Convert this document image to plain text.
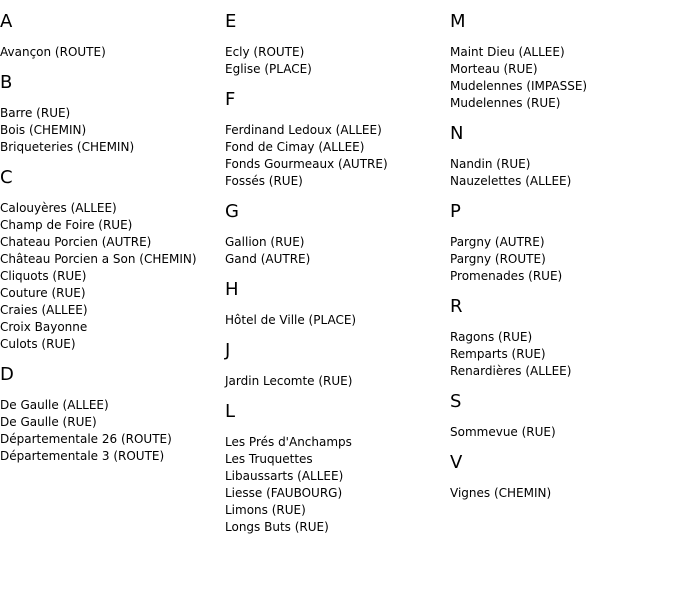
A
Avançon (ROUTE)
B
Barre (RUE)
Bois (CHEMIN)
Briqueteries (CHEMIN)
C
Calouyères (ALLEE)
Champ de Foire (RUE)
Chateau Porcien (AUTRE)
Château Porcien a Son (CHEMIN)
Cliquots (RUE)
Couture (RUE)
Craies (ALLEE)
Croix Bayonne
Culots (RUE)
D
De Gaulle (ALLEE)
De Gaulle (RUE)
Départementale 26 (ROUTE)
Départementale 3 (ROUTE)
E
Ecly (ROUTE)
Eglise (PLACE)
F
Ferdinand Ledoux (ALLEE)
Fond de Cimay (ALLEE)
Fonds Gourmeaux (AUTRE)
Fossés (RUE)
G
Gallion (RUE)
Gand (AUTRE)
H
Hôtel de Ville (PLACE)
J
Jardin Lecomte (RUE)
L
Les Prés d'Anchamps
Les Truquettes
Libaussarts (ALLEE)
Liesse (FAUBOURG)
Limons (RUE)
Longs Buts (RUE)
M
Maint Dieu (ALLEE)
Morteau (RUE)
Mudelennes (IMPASSE)
Mudelennes (RUE)
N
Nandin (RUE)
Nauzelettes (ALLEE)
P
Pargny (AUTRE)
Pargny (ROUTE)
Promenades (RUE)
R
Ragons (RUE)
Remparts (RUE)
Renardières (ALLEE)
S
Sommevue (RUE)
V
Vignes (CHEMIN)
